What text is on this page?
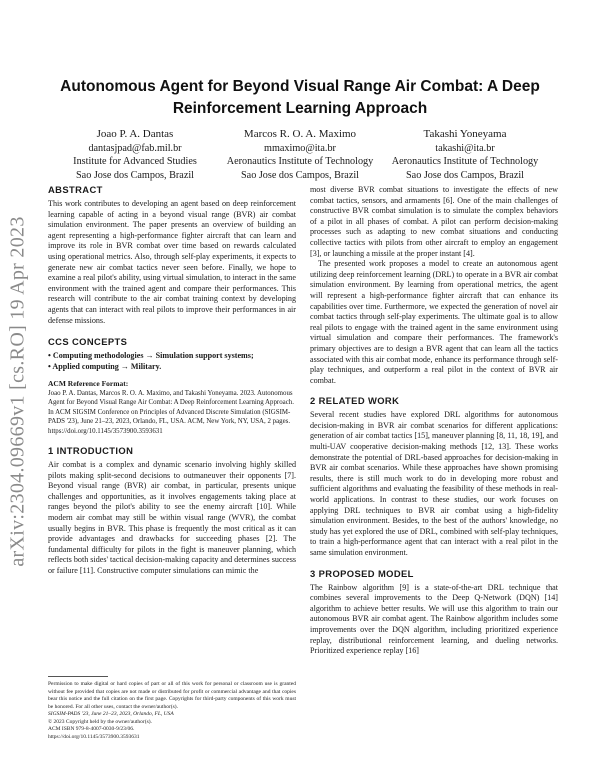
arXiv:2304.09669v1 [cs.RO] 19 Apr 2023
Autonomous Agent for Beyond Visual Range Air Combat: A Deep Reinforcement Learning Approach
Joao P. A. Dantas
dantasjpad@fab.mil.br
Institute for Advanced Studies
Sao Jose dos Campos, Brazil
Marcos R. O. A. Maximo
mmaximo@ita.br
Aeronautics Institute of Technology
Sao Jose dos Campos, Brazil
Takashi Yoneyama
takashi@ita.br
Aeronautics Institute of Technology
Sao Jose dos Campos, Brazil
ABSTRACT

This work contributes to developing an agent based on deep reinforcement learning capable of acting in a beyond visual range (BVR) air combat simulation environment. The paper presents an overview of building an agent representing a high-performance fighter aircraft that can learn and improve its role in BVR combat over time based on rewards calculated using operational metrics. Also, through self-play experiments, it expects to generate new air combat tactics never seen before. Finally, we hope to examine a real pilot's ability, using virtual simulation, to interact in the same environment with the trained agent and compare their performances. This research will contribute to the air combat training context by developing agents that can interact with real pilots to improve their performances in air defense missions.

CCS CONCEPTS
• Computing methodologies → Simulation support systems;
• Applied computing → Military.
ACM Reference Format:

Joao P. A. Dantas, Marcos R. O. A. Maximo, and Takashi Yoneyama. 2023. Autonomous Agent for Beyond Visual Range Air Combat: A Deep Reinforcement Learning Approach. In ACM SIGSIM Conference on Principles of Advanced Discrete Simulation (SIGSIM-PADS '23), June 21–23, 2023, Orlando, FL, USA. ACM, New York, NY, USA, 2 pages. https://doi.org/10.1145/3573900.3593631

1 INTRODUCTION

Air combat is a complex and dynamic scenario involving highly skilled pilots making split-second decisions to outmaneuver their opponents [7]. Beyond visual range (BVR) air combat, in particular, presents unique challenges and opportunities, as it involves engagements taking place at ranges beyond the pilot's ability to see the enemy aircraft [10]. While modern air combat may still be within visual range (WVR), the combat usually begins in BVR. This phase is frequently the most critical as it can provide advantages and drawbacks for succeeding phases [2]. The fundamental difficulty for pilots in the fight is maneuver planning, which reflects both sides' tactical decision-making capacity and determines success or failure [11]. Constructive computer simulations can mimic the

Permission to make digital or hard copies of part or all of this work for personal or classroom use is granted without fee provided that copies are not made or distributed for profit or commercial advantage and that copies bear this notice and the full citation on the first page. Copyrights for third-party components of this work must be honored. For all other uses, contact the owner/author(s).
SIGSIM-PADS '23, June 21–23, 2023, Orlando, FL, USA
© 2023 Copyright held by the owner/author(s).
ACM ISBN 979-8-4007-0030-9/23/06.
https://doi.org/10.1145/3573900.3593631

most diverse BVR combat situations to investigate the effects of new combat tactics, sensors, and armaments [6]. One of the main challenges of constructive BVR combat simulation is to simulate the complex behaviors of a pilot in all phases of combat. A pilot can perform decision-making processes such as adapting to new combat situations and conducting collective tactics with pilots from other aircraft to employ an engagement [3], or launching a missile at the proper instant [4].

The presented work proposes a model to create an autonomous agent utilizing deep reinforcement learning (DRL) to operate in a BVR air combat simulation environment. By learning from operational metrics, the agent will represent a high-performance fighter aircraft that can enhance its capabilities over time. Furthermore, we expected the generation of novel air combat tactics through self-play experiments. The ultimate goal is to allow real pilots to engage with the trained agent in the same environment using virtual simulation and compare their performances. The framework's primary objectives are to design a BVR agent that can learn all the tactics associated with this air combat mode, enhance its performance through self-play techniques, and outperform a real pilot in the context of BVR air combat.

2 RELATED WORK

Several recent studies have explored DRL algorithms for autonomous decision-making in BVR air combat scenarios for different applications: generation of air combat tactics [15], maneuver planning [8, 11, 18, 19], and multi-UAV cooperative decision-making methods [12, 13]. These works demonstrate the potential of DRL-based approaches for decision-making in BVR air combat scenarios. While these approaches have shown promising results, there is still much work to do in developing more robust and sufficient algorithms and evaluating the feasibility of these methods in real-world applications. In contrast to these studies, our work focuses on applying DRL techniques to BVR air combat using a high-fidelity simulation environment. Besides, to the best of the authors' knowledge, no study has yet explored the use of DRL, combined with self-play techniques, to train a high-performance agent that can interact with a real pilot in the same simulation environment.

3 PROPOSED MODEL

The Rainbow algorithm [9] is a state-of-the-art DRL technique that combines several improvements to the Deep Q-Network (DQN) [14] algorithm to achieve better results. We will use this algorithm to train our autonomous BVR air combat agent. The Rainbow algorithm includes some improvements over the DQN algorithm, including prioritized experience replay, distributional reinforcement learning, and dueling networks. Prioritized experience replay [16]
